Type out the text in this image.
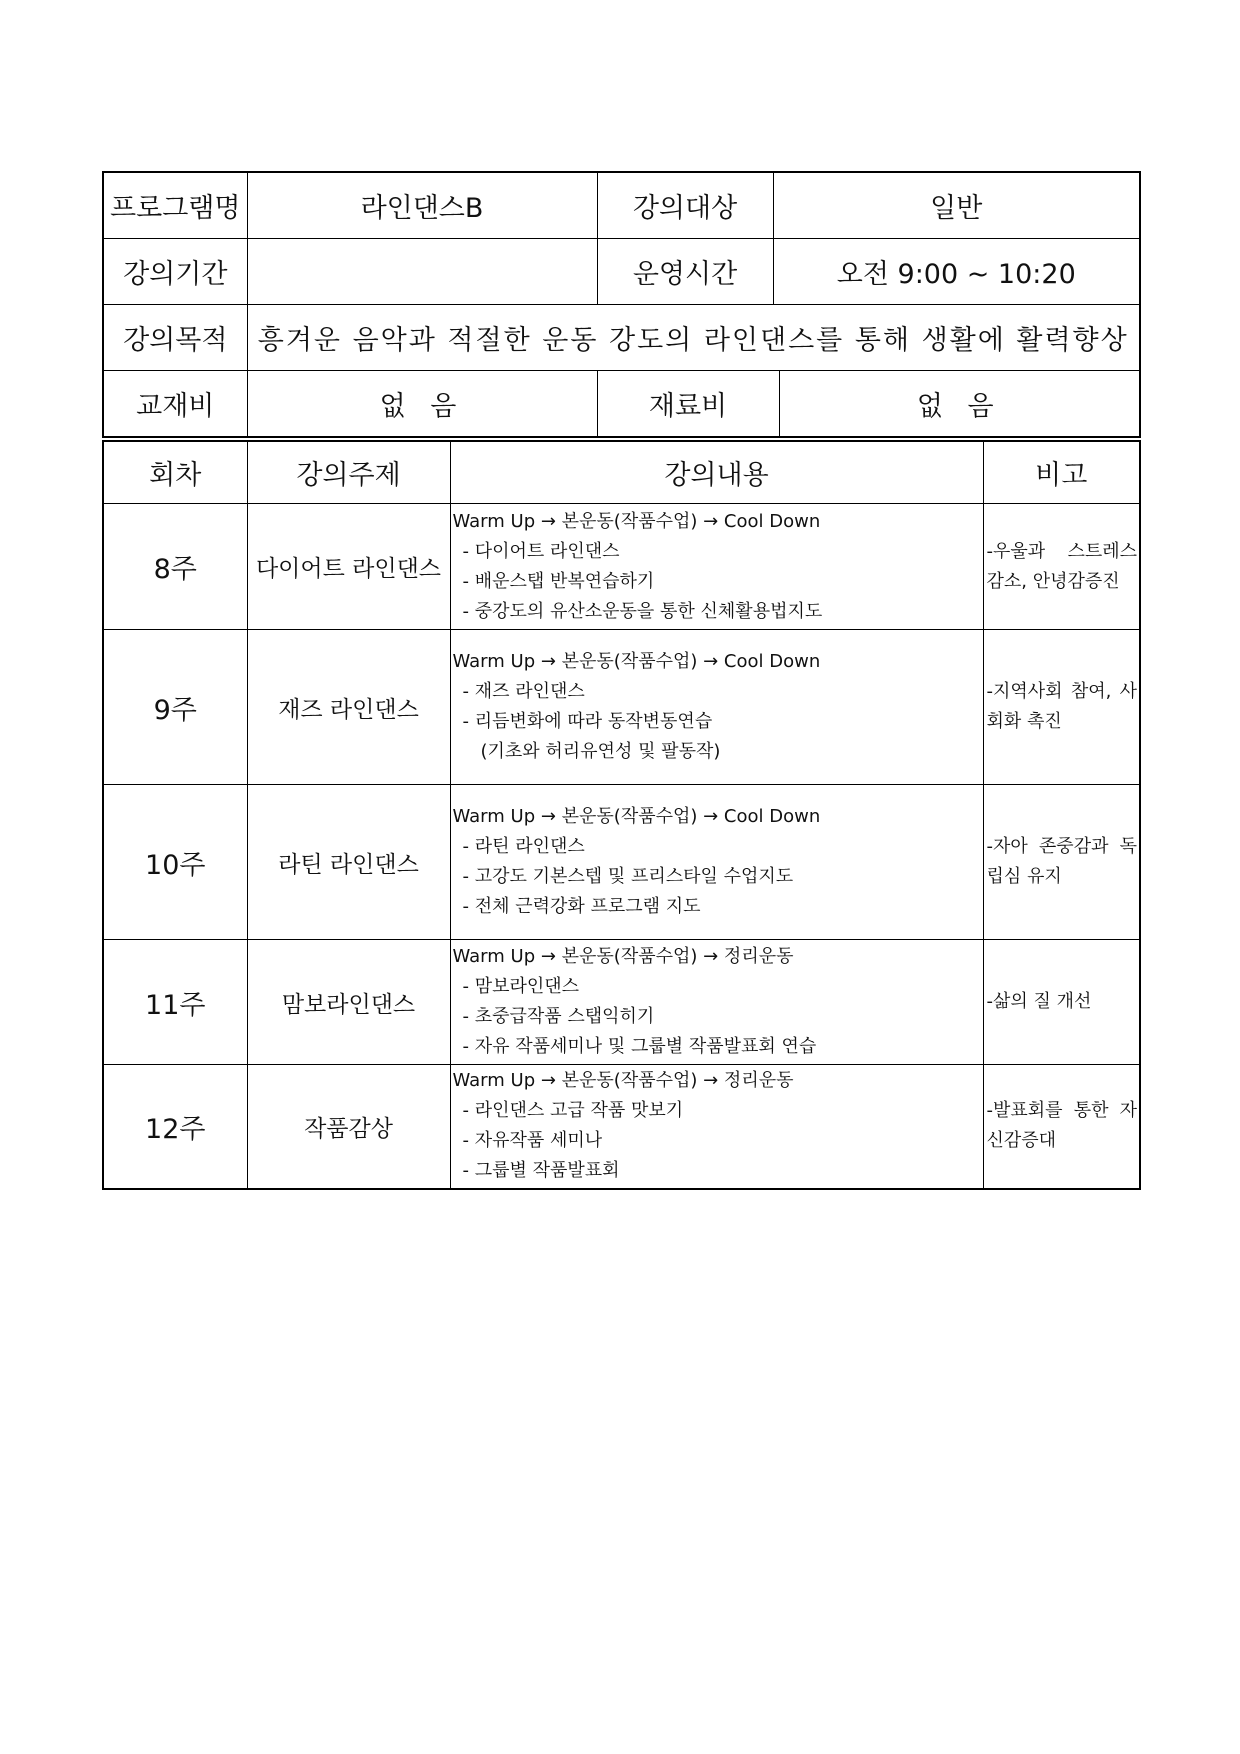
프로그램명	라인댄스B	강의대상	일반	
강의기간		운영시간	오전 9:00 ~ 10:20	
강의목적	흥겨운 음악과 적절한 운동 강도의 라인댄스를 통해 생활에 활력향상			
교재비	없 음	재료비		없 음
회차	강의주제	강의내용	비고
8주	다이어트 라인댄스	Warm Up → 본운동(작품수업) → Cool Down
- 다이어트 라인댄스
- 배운스탭 반복연습하기
- 중강도의 유산소운동을 통한 신체활용법지도	-우울과 스트레스감소, 안녕감증진
9주	재즈 라인댄스	Warm Up → 본운동(작품수업) → Cool Down
- 재즈 라인댄스
- 리듬변화에 따라 동작변동연습
(기초와 허리유연성 및 팔동작)	-지역사회 참여, 사회화 촉진
10주	라틴 라인댄스	Warm Up → 본운동(작품수업) → Cool Down
- 라틴 라인댄스
- 고강도 기본스텝 및 프리스타일 수업지도
- 전체 근력강화 프로그램 지도	-자아 존중감과 독립심 유지
11주	맘보라인댄스	Warm Up → 본운동(작품수업) → 정리운동
- 맘보라인댄스
- 초중급작품 스탭익히기
- 자유 작품세미나 및 그룹별 작품발표회 연습	-삶의 질 개선
12주	작품감상	Warm Up → 본운동(작품수업) → 정리운동
- 라인댄스 고급 작품 맛보기
- 자유작품 세미나
- 그룹별 작품발표회	-발표회를 통한 자신감증대
